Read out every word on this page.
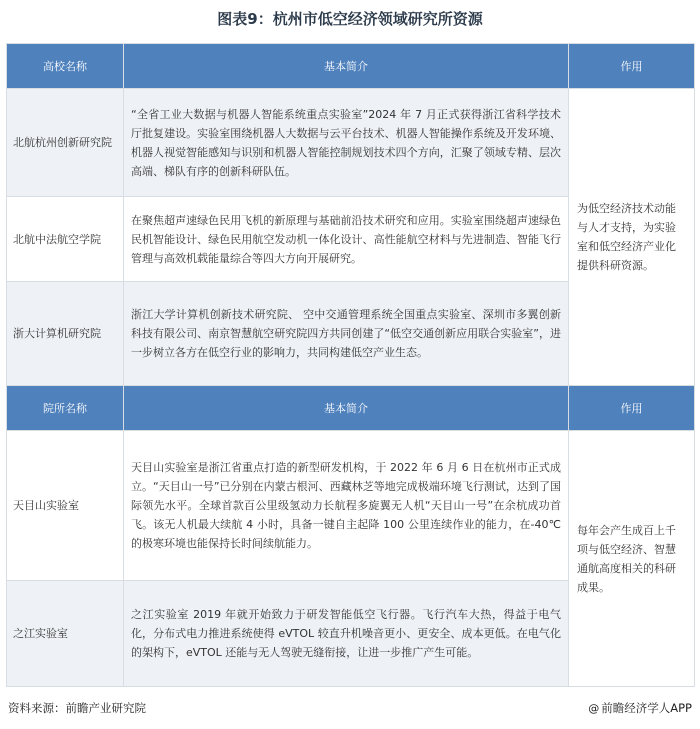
图表9：杭州市低空经济领域研究所资源
高校名称	基本简介	作用
北航杭州创新研究院	“全省工业大数据与机器人智能系统重点实验室”2024 年 7 月正式获得浙江省科学技术厅批复建设。实验室围绕机器人大数据与云平台技术、机器人智能操作系统及开发环境、机器人视觉智能感知与识别和机器人智能控制规划技术四个方向，汇聚了领域专精、层次高端、梯队有序的创新科研队伍。	为低空经济技术动能与人才支持，为实验室和低空经济产业化提供科研资源。
北航中法航空学院	在聚焦超声速绿色民用飞机的新原理与基础前沿技术研究和应用。实验室围绕超声速绿色民机智能设计、绿色民用航空发动机一体化设计、高性能航空材料与先进制造、智能飞行管理与高效机载能量综合等四大方向开展研究。	
浙大计算机研究院	浙江大学计算机创新技术研究院、 空中交通管理系统全国重点实验室、深圳市多翼创新科技有限公司、南京智慧航空研究院四方共同创建了“低空交通创新应用联合实验室”，进一步树立各方在低空行业的影响力，共同构建低空产业生态。	
院所名称	基本简介	作用
天目山实验室	天目山实验室是浙江省重点打造的新型研发机构，于 2022 年 6 月 6 日在杭州市正式成立。“天目山一号”已分别在内蒙古根河、西藏林芝等地完成极端环境飞行测试，达到了国际领先水平。全球首款百公里级氢动力长航程多旋翼无人机“天目山一号”在余杭成功首飞。该无人机最大续航 4 小时，具备一键自主起降 100 公里连续作业的能力，在-40℃的极寒环境也能保持长时间续航能力。	每年会产生成百上千项与低空经济、智慧通航高度相关的科研成果。
之江实验室	之江实验室 2019 年就开始致力于研发智能低空飞行器。飞行汽车大热，得益于电气化，分布式电力推进系统使得 eVTOL 较直升机噪音更小、更安全、成本更低。在电气化的架构下，eVTOL 还能与无人驾驶无缝衔接，让进一步推广产生可能。	
资料来源：前瞻产业研究院	@ 前瞻经济学人APP
